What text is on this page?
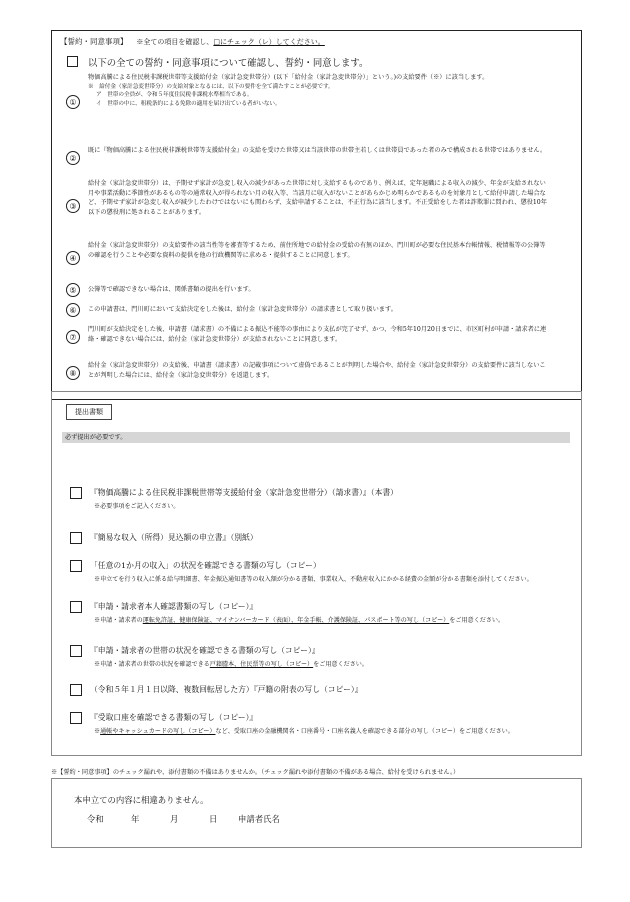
【誓約・同意事項】 ※全ての項目を確認し、□にチェック（レ）してください。
以下の全ての誓約・同意事項について確認し、誓約・同意します。
①
物価高騰による住民税非課税世帯等支援給付金（家計急変世帯分）(以下「給付金（家計急変世帯分）」という。)の支給要件（※）に該当します。
※　給付金（家計急変世帯分）の支給対象となるには、以下の要件を全て満たすことが必要です。
ア　世帯の全員が、令和５年度住民税非課税水準相当である。
イ　世帯の中に、租税条約による免除の適用を届け出ている者がいない。
②
既に『物価高騰による住民税非課税世帯等支援給付金』の支給を受けた世帯又は当該世帯の世帯主若しくは世帯員であった者のみで構成される世帯ではありません。
③
給付金（家計急変世帯分）は、予期せず家計が急変し収入の減少があった世帯に対し支給するものであり、例えば、定年退職による収入の減少、年金が支給されない月や事業活動に季節性があるもの等の通常収入が得られない月の収入等、当該月に収入がないことがあらかじめ明らかであるものを対象月として給付申請した場合など、予期せず家計が急変し収入が減少したわけではないにも関わらず、支給申請することは、不正行為に該当します。不正受給をした者は詐欺罪に問われ、懲役10年以下の懲役刑に処されることがあります。
④
給付金（家計急変世帯分）の支給要件の該当性等を審査等するため、前住所地での給付金の受給の有無のほか、門川町が必要な住民基本台帳情報、税情報等の公簿等の確認を行うことや必要な資料の提供を他の行政機関等に求める・提供することに同意します。
⑤	公簿等で確認できない場合は、関係書類の提出を行います。
⑥	この申請書は、門川町において支給決定をした後は、給付金（家計急変世帯分）の請求書として取り扱います。
⑦
門川町が支給決定をした後、申請書（請求書）の不備による振込不能等の事由により支払が完了せず、かつ、令和5年10月20日までに、市区町村が申請・請求者に連絡・確認できない場合には、給付金（家計急変世帯分）が支給されないことに同意します。
⑧
給付金（家計急変世帯分）の支給後、申請書（請求書）の記載事項について虚偽であることが判明した場合や、給付金（家計急変世帯分）の支給要件に該当しないことが判明した場合には、給付金（家計急変世帯分）を返還します。
提出書類
必ず提出が必要です。
『物価高騰による住民税非課税世帯等支援給付金（家計急変世帯分）（請求書）』（本書）
※必要事項をご記入ください。
『簡易な収入（所得）見込額の申立書』（別紙）
「任意の1か月の収入」の状況を確認できる書類の写し（コピー）
※申立てを行う収入に係る給与明細書、年金振込通知書等の収入額が分かる書類、事業収入、不動産収入にかかる経費の金額が分かる書類を添付してください。
『申請・請求者本人確認書類の写し（コピー）』
※申請・請求者の運転免許証、健康保険証、マイナンバーカード（表面）、年金手帳、介護保険証、パスポート等の写し（コピー）をご用意ください。
『申請・請求者の世帯の状況を確認できる書類の写し（コピー）』
※申請・請求者の世帯の状況を確認できる戸籍謄本、住民票等の写し（コピー）をご用意ください。
（令和５年１月１日以降、複数回転居した方）『戸籍の附表の写し（コピー）』
『受取口座を確認できる書類の写し（コピー）』
※通帳やキャッシュカードの写し（コピー）など、受取口座の金融機関名・口座番号・口座名義人を確認できる部分の写し（コピー）をご用意ください。
※【誓約・同意事項】のチェック漏れや、添付書類の不備はありませんか。（チェック漏れや添付書類の不備がある場合、給付を受けられません。）
本申立ての内容に相違ありません。
令和	年	月	日 申請者氏名
